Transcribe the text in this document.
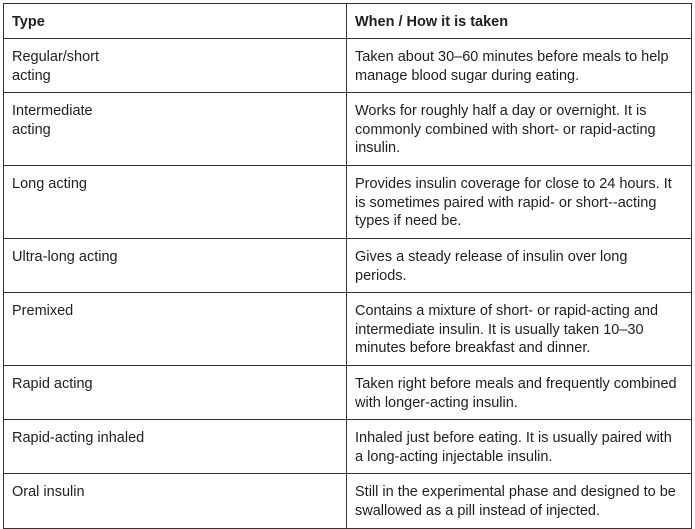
Type	When / How it is taken
Regular/short
acting	Taken about 30–60 minutes before meals to help manage blood sugar during eating.
Intermediate
acting	Works for roughly half a day or overnight. It is commonly combined with short- or rapid-acting insulin.
Long acting	Provides insulin coverage for close to 24 hours. It is sometimes paired with rapid- or short--acting types if need be.
Ultra-long acting	Gives a steady release of insulin over long periods.
Premixed	Contains a mixture of short- or rapid-acting and intermediate insulin. It is usually taken 10–30 minutes before breakfast and dinner.
Rapid acting	Taken right before meals and frequently combined with longer-acting insulin.
Rapid-acting inhaled	Inhaled just before eating. It is usually paired with a long-acting injectable insulin.
Oral insulin	Still in the experimental phase and designed to be swallowed as a pill instead of injected.
